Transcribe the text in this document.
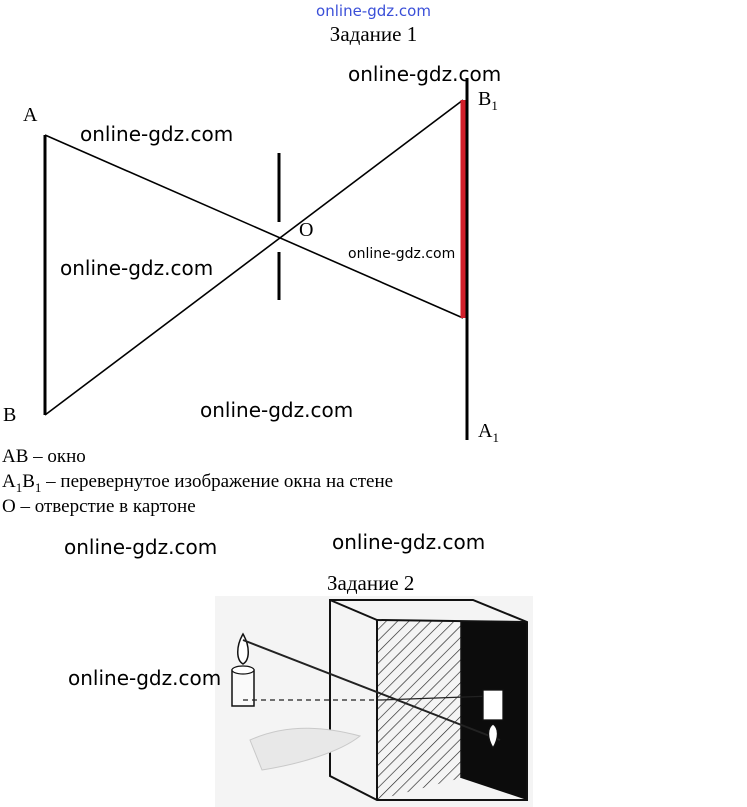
online-gdz.com
Задание 1
A
B
O
$B_1$
$A_1$
AB – окно
$A_1B_1$ – перевернутое изображение окна на стене
O – отверстие в картоне
Задание 2
online-gdz.com
online-gdz.com
online-gdz.com
online-gdz.com
online-gdz.com
online-gdz.com	online-gdz.com
online-gdz.com
